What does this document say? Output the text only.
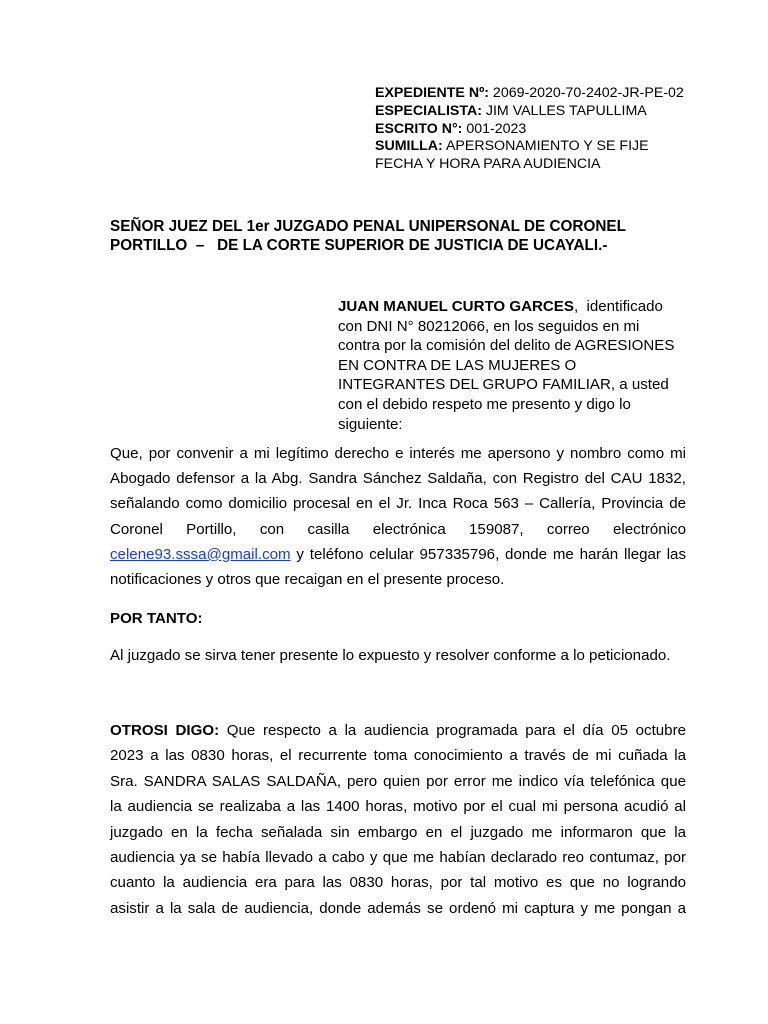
EXPEDIENTE Nº: 2069-2020-70-2402-JR-PE-02
ESPECIALISTA: JIM VALLES TAPULLIMA
ESCRITO N°: 001-2023
SUMILLA: APERSONAMIENTO Y SE FIJE
FECHA Y HORA PARA AUDIENCIA
SEÑOR JUEZ DEL 1er JUZGADO PENAL UNIPERSONAL DE CORONEL
PORTILLO  –   DE LA CORTE SUPERIOR DE JUSTICIA DE UCAYALI.-
JUAN MANUEL CURTO GARCES,  identificado
con DNI N° 80212066, en los seguidos en mi
contra por la comisión del delito de AGRESIONES
EN CONTRA DE LAS MUJERES O
INTEGRANTES DEL GRUPO FAMILIAR, a usted
con el debido respeto me presento y digo lo
siguiente:
Que, por convenir a mi legítimo derecho e interés me apersono y nombro como mi
Abogado defensor a la Abg. Sandra Sánchez Saldaña, con Registro del CAU 1832,
señalando como domicilio procesal en el Jr. Inca Roca 563 – Callería, Provincia de
Coronel Portillo, con casilla electrónica 159087, correo electrónico
celene93.sssa@gmail.com y teléfono celular 957335796, donde me harán llegar las
notificaciones y otros que recaigan en el presente proceso.
POR TANTO:
Al juzgado se sirva tener presente lo expuesto y resolver conforme a lo peticionado.
OTROSI DIGO: Que respecto a la audiencia programada para el día 05 octubre
2023 a las 0830 horas, el recurrente toma conocimiento a través de mi cuñada la
Sra. SANDRA SALAS SALDAÑA, pero quien por error me indico vía telefónica que
la audiencia se realizaba a las 1400 horas, motivo por el cual mi persona acudió al
juzgado en la fecha señalada sin embargo en el juzgado me informaron que la
audiencia ya se había llevado a cabo y que me habían declarado reo contumaz, por
cuanto la audiencia era para las 0830 horas, por tal motivo es que no logrando
asistir a la sala de audiencia, donde además se ordenó mi captura y me pongan a
